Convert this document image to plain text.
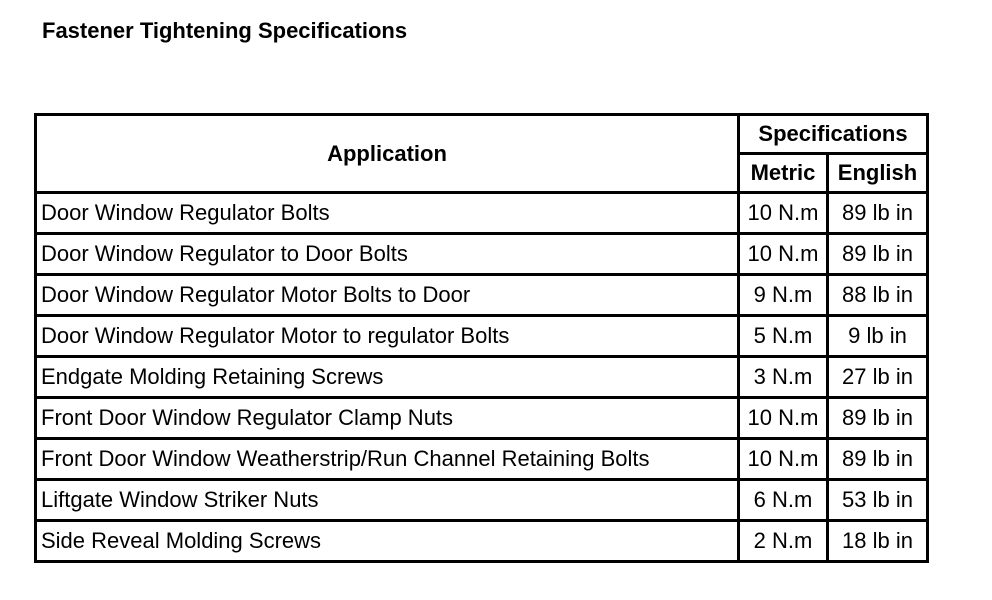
Fastener Tightening Specifications
Application	Specifications	
	Metric	English
Door Window Regulator Bolts	10 N.m	89 lb in
Door Window Regulator to Door Bolts	10 N.m	89 lb in
Door Window Regulator Motor Bolts to Door	9 N.m	88 lb in
Door Window Regulator Motor to regulator Bolts	5 N.m	9 lb in
Endgate Molding Retaining Screws	3 N.m	27 lb in
Front Door Window Regulator Clamp Nuts	10 N.m	89 lb in
Front Door Window Weatherstrip/Run Channel Retaining Bolts	10 N.m	89 lb in
Liftgate Window Striker Nuts	6 N.m	53 lb in
Side Reveal Molding Screws	2 N.m	18 lb in
